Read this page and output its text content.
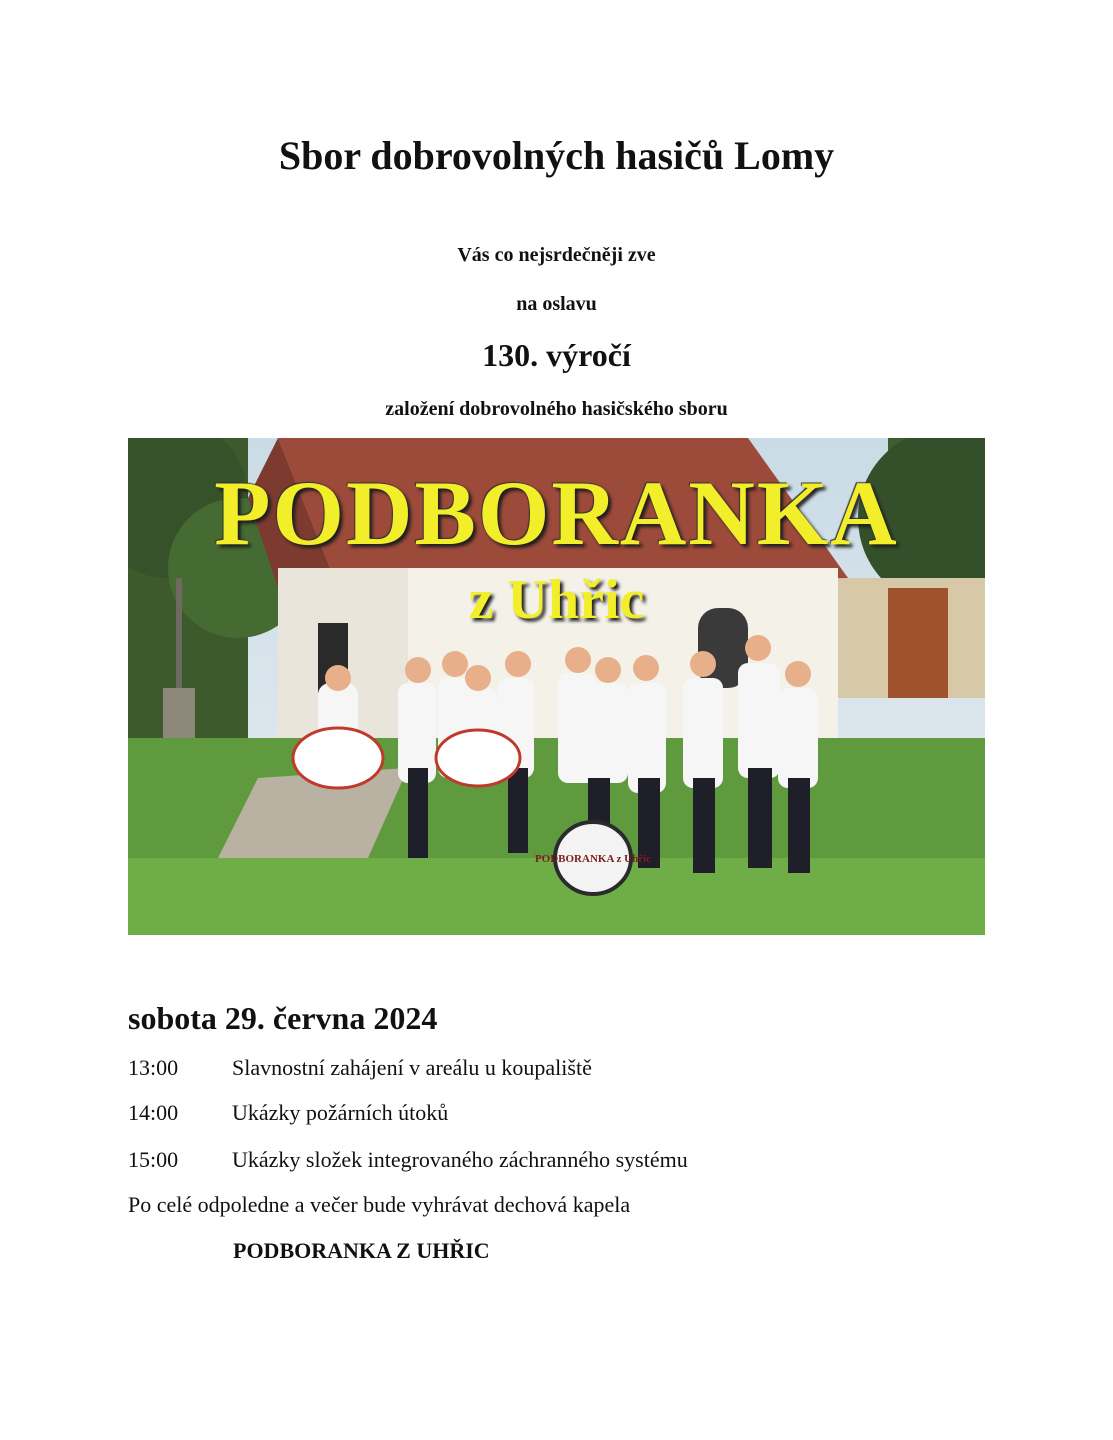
Sbor dobrovolných hasičů Lomy
Vás co nejsrdečněji zve
na oslavu
130. výročí
založení dobrovolného hasičského sboru
PODBORANKA z Uhřic
PODBORANKA
z Uhřic
sobota 29. června 2024
13:00 Slavnostní zahájení v areálu u koupaliště
14:00 Ukázky požárních útoků
15:00 Ukázky složek integrovaného záchranného systému
Po celé odpoledne a večer bude vyhrávat dechová kapela
PODBORANKA Z UHŘIC
